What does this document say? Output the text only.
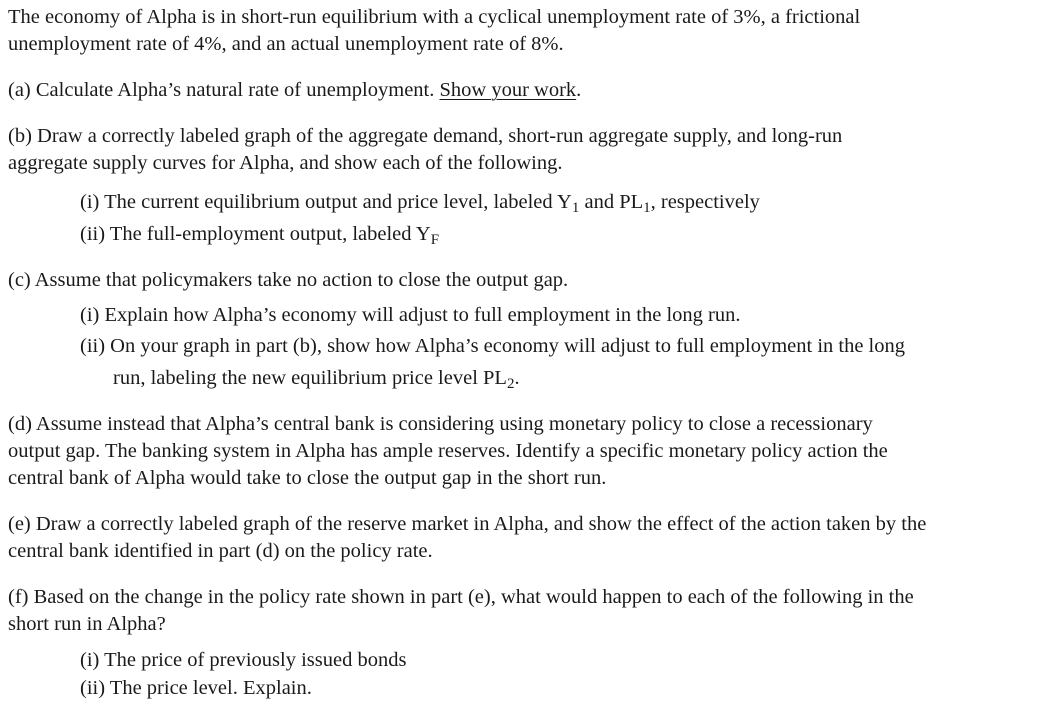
The economy of Alpha is in short-run equilibrium with a cyclical unemployment rate of 3%, a frictional
unemployment rate of 4%, and an actual unemployment rate of 8%.
(a) Calculate Alpha’s natural rate of unemployment. Show your work.
(b) Draw a correctly labeled graph of the aggregate demand, short-run aggregate supply, and long-run
aggregate supply curves for Alpha, and show each of the following.
(i) The current equilibrium output and price level, labeled $Y_1$ and $PL_1$, respectively
(ii) The full-employment output, labeled $Y_F$
(c) Assume that policymakers take no action to close the output gap.
(i) Explain how Alpha’s economy will adjust to full employment in the long run.
(ii) On your graph in part (b), show how Alpha’s economy will adjust to full employment in the long
run, labeling the new equilibrium price level $PL_2$.
(d) Assume instead that Alpha’s central bank is considering using monetary policy to close a recessionary
output gap. The banking system in Alpha has ample reserves. Identify a specific monetary policy action the
central bank of Alpha would take to close the output gap in the short run.
(e) Draw a correctly labeled graph of the reserve market in Alpha, and show the effect of the action taken by the
central bank identified in part (d) on the policy rate.
(f) Based on the change in the policy rate shown in part (e), what would happen to each of the following in the
short run in Alpha?
(i) The price of previously issued bonds
(ii) The price level. Explain.
